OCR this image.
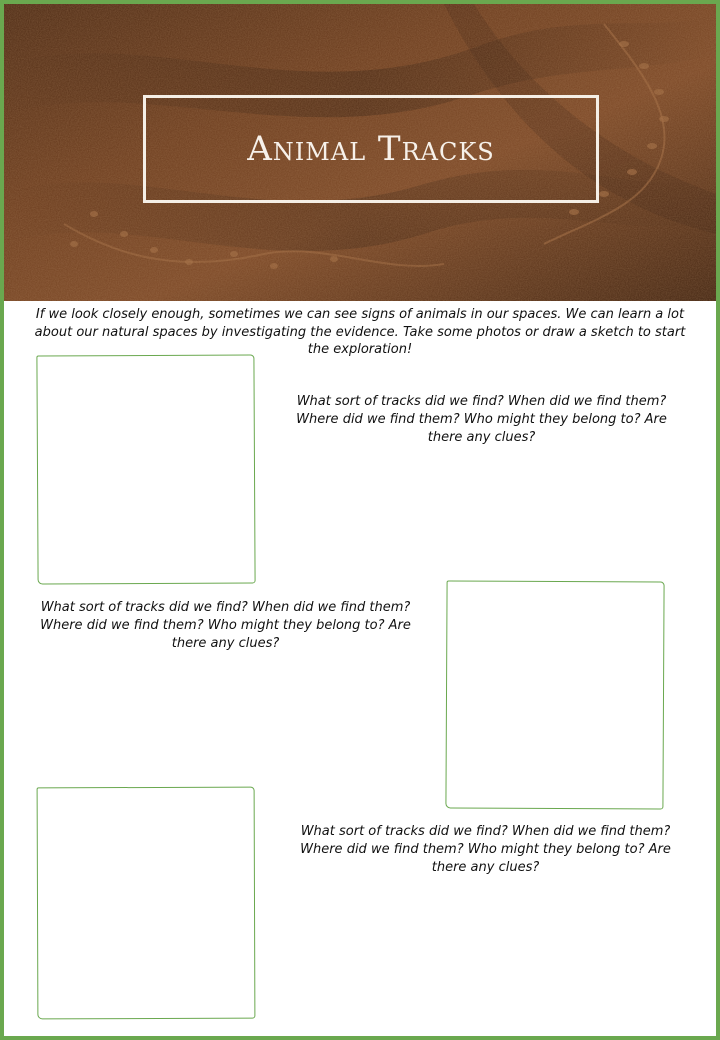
Animal Tracks
If we look closely enough, sometimes we can see signs of animals in our spaces. We can learn a lot about our natural spaces by investigating the evidence. Take some photos or draw a sketch to start the exploration!
What sort of tracks did we find? When did we find them? Where did we find them? Who might they belong to? Are there any clues?
What sort of tracks did we find? When did we find them? Where did we find them? Who might they belong to? Are there any clues?
What sort of tracks did we find? When did we find them? Where did we find them? Who might they belong to? Are there any clues?
